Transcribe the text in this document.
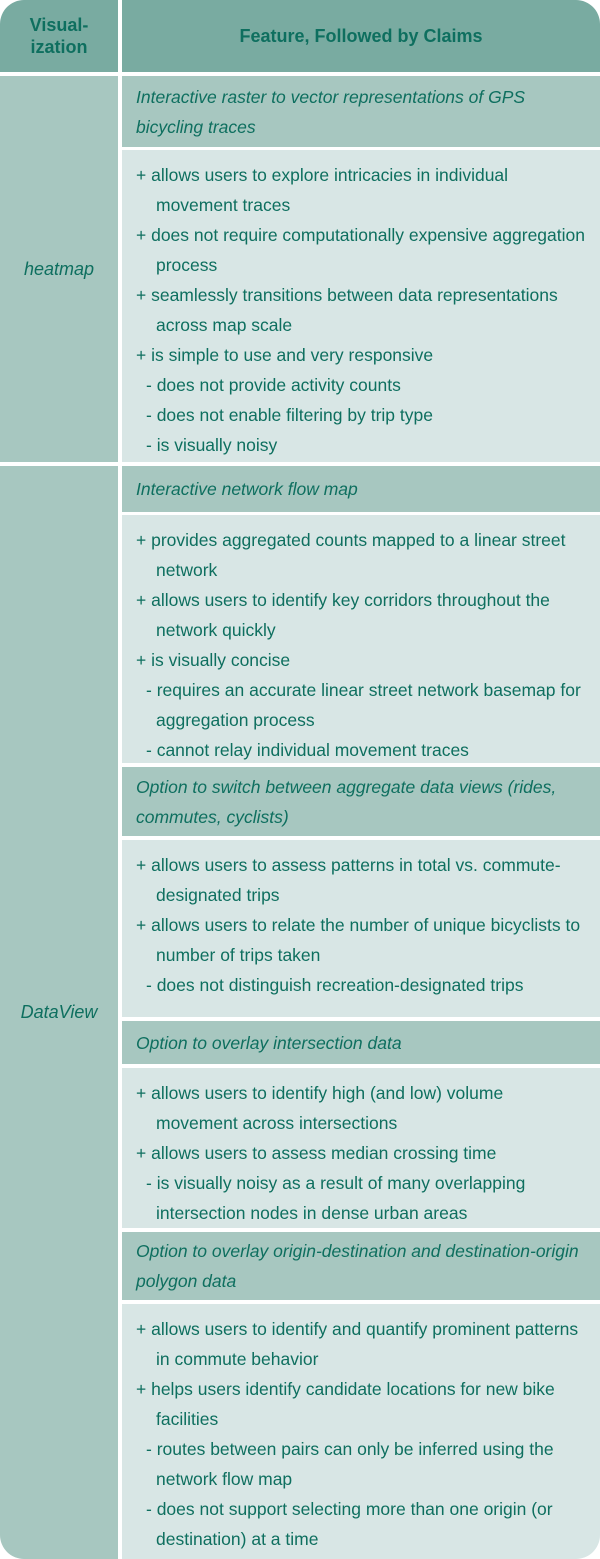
Visual-
ization
Feature, Followed by Claims
heatmap
Interactive raster to vector representations of GPS bicycling traces
+ allows users to explore intricacies in individual movement traces
+ does not require computationally expensive aggregation process
+ seamlessly transitions between data representations across map scale
+ is simple to use and very responsive
- does not provide activity counts
- does not enable filtering by trip type
- is visually noisy
DataView
Interactive network flow map
+ provides aggregated counts mapped to a linear street network
+ allows users to identify key corridors throughout the network quickly
+ is visually concise
- requires an accurate linear street network basemap for aggregation process
- cannot relay individual movement traces
Option to switch between aggregate data views (rides, commutes, cyclists)
+ allows users to assess patterns in total vs. commute-designated trips
+ allows users to relate the number of unique bicyclists to number of trips taken
- does not distinguish recreation-designated trips
Option to overlay intersection data
+ allows users to identify high (and low) volume movement across intersections
+ allows users to assess median crossing time
- is visually noisy as a result of many overlapping intersection nodes in dense urban areas
Option to overlay origin-destination and destination-origin polygon data
+ allows users to identify and quantify prominent patterns in commute behavior
+ helps users identify candidate locations for new bike facilities
- routes between pairs can only be inferred using the network flow map
- does not support selecting more than one origin (or destination) at a time
